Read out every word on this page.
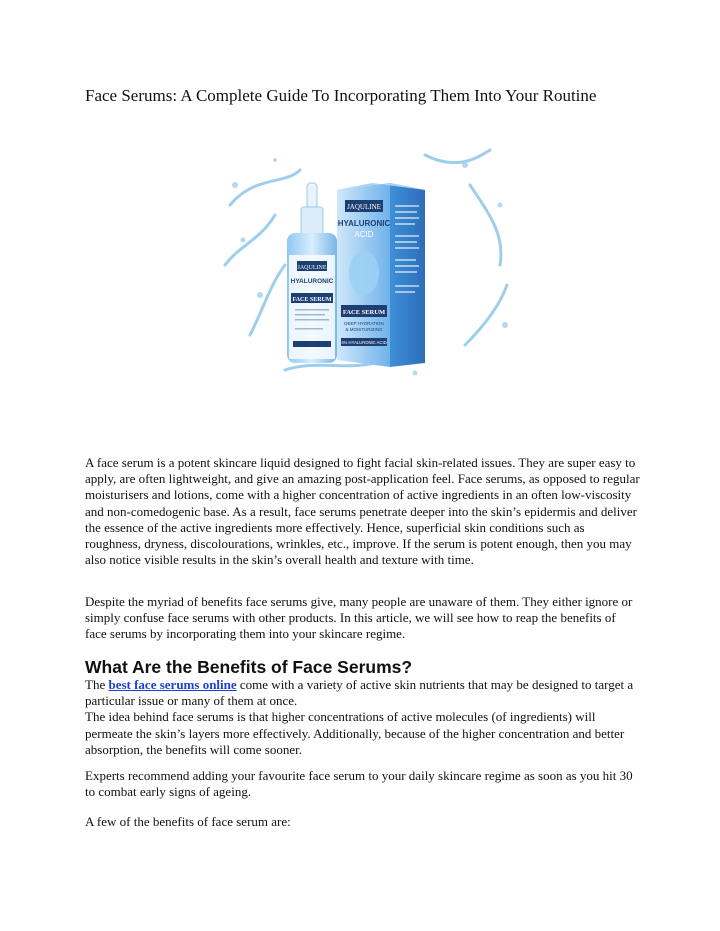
Face Serums: A Complete Guide To Incorporating Them Into Your Routine
JAQULINE
HYALURONIC
ACID
FACE SERUM
DEEP HYDRATION
& MOISTURIZING
4% HYALURONIC ACID
JAQULINE
HYALURONIC
FACE SERUM
A face serum is a potent skincare liquid designed to fight facial skin-related issues. They are super easy to apply, are often lightweight, and give an amazing post-application feel. Face serums, as opposed to regular moisturisers and lotions, come with a higher concentration of active ingredients in an often low-viscosity and non-comedogenic base. As a result, face serums penetrate deeper into the skin’s epidermis and deliver the essence of the active ingredients more effectively. Hence, superficial skin conditions such as roughness, dryness, discolourations, wrinkles, etc., improve. If the serum is potent enough, then you may also notice visible results in the skin’s overall health and texture with time.
Despite the myriad of benefits face serums give, many people are unaware of them. They either ignore or simply confuse face serums with other products. In this article, we will see how to reap the benefits of face serums by incorporating them into your skincare regime.
What Are the Benefits of Face Serums?
The best face serums online come with a variety of active skin nutrients that may be designed to target a particular issue or many of them at once.
The idea behind face serums is that higher concentrations of active molecules (of ingredients) will permeate the skin’s layers more effectively. Additionally, because of the higher concentration and better absorption, the benefits will come sooner.
Experts recommend adding your favourite face serum to your daily skincare regime as soon as you hit 30 to combat early signs of ageing.
A few of the benefits of face serum are:
